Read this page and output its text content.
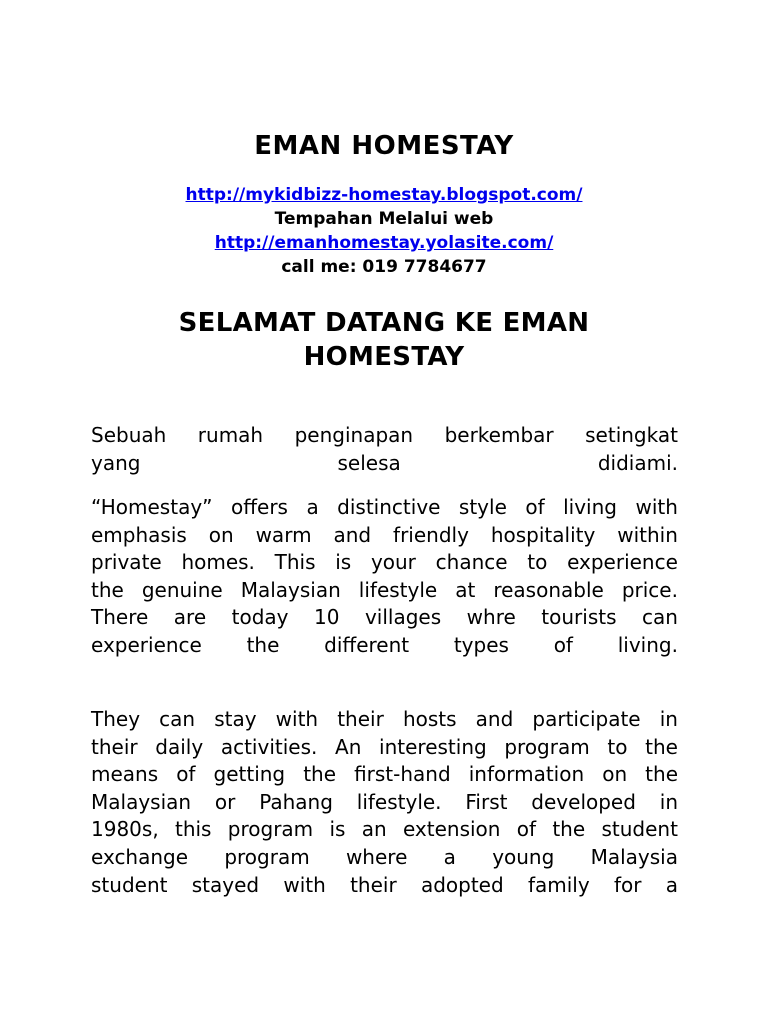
EMAN HOMESTAY
http://mykidbizz-homestay.blogspot.com/
Tempahan Melalui web
http://emanhomestay.yolasite.com/
call me: 019 7784677
SELAMAT DATANG KE EMAN
HOMESTAY
Sebuah rumah penginapan berkembar setingkat
yang	selesa	didiami.
“Homestay” offers a distinctive style of living with
emphasis on warm and friendly hospitality within
private homes. This is your chance to experience
the genuine Malaysian lifestyle at reasonable price.
There are today 10 villages whre tourists can
experience the different types of living.
They can stay with their hosts and participate in
their daily activities. An interesting program to the
means of getting the first-hand information on the
Malaysian or Pahang lifestyle. First developed in
1980s, this program is an extension of the student
exchange program where a young Malaysia
student stayed with their adopted family for a
